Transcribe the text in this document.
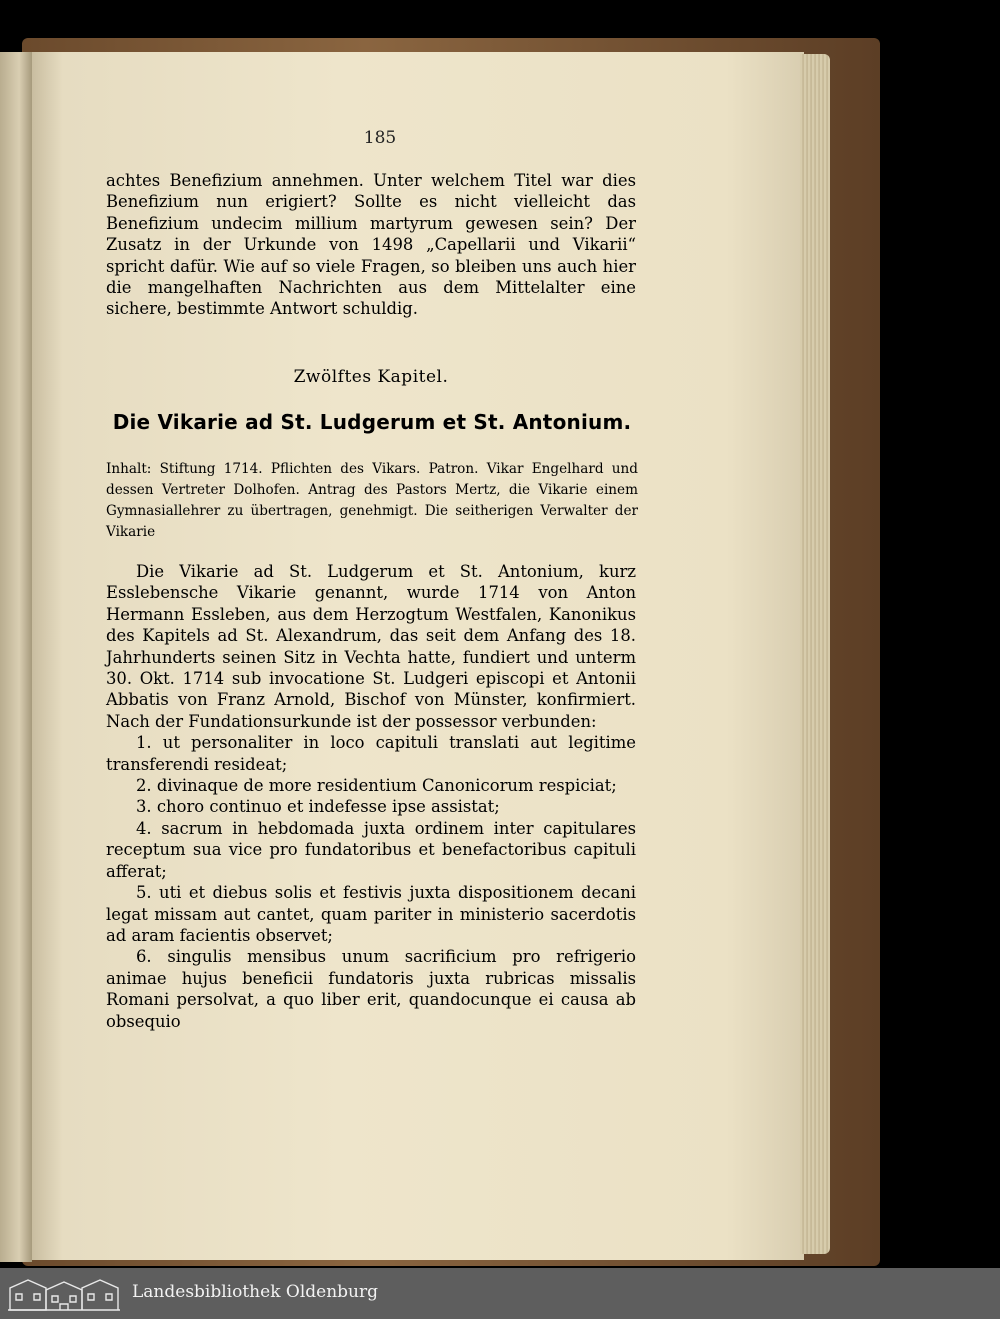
185

achtes Benefizium annehmen. Unter welchem Titel war dies Benefizium nun erigiert? Sollte es nicht vielleicht das Benefizium undecim millium martyrum gewesen sein? Der Zusatz in der Urkunde von 1498 „Capellarii und Vikarii“ spricht dafür. Wie auf so viele Fragen, so bleiben uns auch hier die mangelhaften Nachrichten aus dem Mittelalter eine sichere, bestimmte Antwort schuldig.

Zwölftes Kapitel.
Die Vikarie ad St. Ludgerum et St. Antonium.

Inhalt: Stiftung 1714. Pflichten des Vikars. Patron. Vikar Engelhard und dessen Vertreter Dolhofen. Antrag des Pastors Mertz, die Vikarie einem Gymnasiallehrer zu übertragen, genehmigt. Die seitherigen Verwalter der Vikarie

Die Vikarie ad St. Ludgerum et St. Antonium, kurz Esslebensche Vikarie genannt, wurde 1714 von Anton Hermann Essleben, aus dem Herzogtum Westfalen, Kanonikus des Kapitels ad St. Alexandrum, das seit dem Anfang des 18. Jahrhunderts seinen Sitz in Vechta hatte, fundiert und unterm 30. Okt. 1714 sub invocatione St. Ludgeri episcopi et Antonii Abbatis von Franz Arnold, Bischof von Münster, konfirmiert. Nach der Fundationsurkunde ist der possessor verbunden:

1. ut personaliter in loco capituli translati aut legitime transferendi resideat;

2. divinaque de more residentium Canonicorum respiciat;

3. choro continuo et indefesse ipse assistat;

4. sacrum in hebdomada juxta ordinem inter capitulares receptum sua vice pro fundatoribus et benefactoribus capituli afferat;

5. uti et diebus solis et festivis juxta dispositionem decani legat missam aut cantet, quam pariter in ministerio sacerdotis ad aram facientis observet;

6. singulis mensibus unum sacrificium pro refrigerio animae hujus beneficii fundatoris juxta rubricas missalis Romani persolvat, a quo liber erit, quandocunque ei causa ab obsequio

Landesbibliothek Oldenburg
